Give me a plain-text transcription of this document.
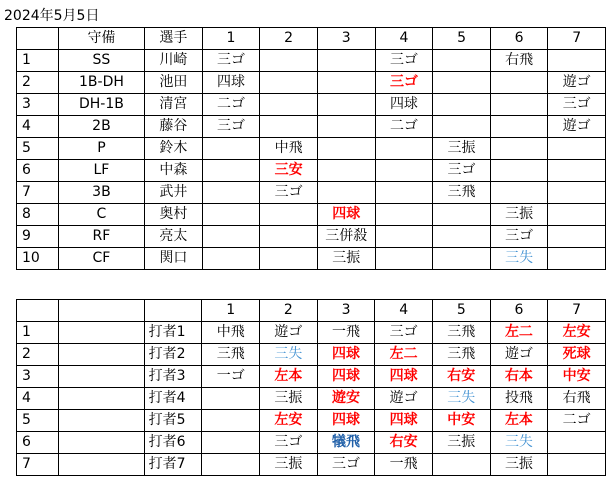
2024年5月5日
	守備	選手	1	2	3	4	5	6	7
1	SS	川崎	三ゴ			三ゴ		右飛	
2	1B-DH	池田	四球			三ゴ			遊ゴ
3	DH-1B	清宮	二ゴ			四球			三ゴ
4	2B	藤谷	三ゴ			二ゴ			遊ゴ
5	P	鈴木		中飛			三振		
6	LF	中森		三安			三ゴ		
7	3B	武井		三ゴ			三飛		
8	C	奥村			四球			三振	
9	RF	亮太			三併殺			三ゴ	
10	CF	関口			三振			三失	
			1	2	3	4	5	6	7
1		打者1	中飛	遊ゴ	一飛	三ゴ	三飛	左二	左安
2		打者2	三飛	三失	四球	左二	三飛	遊ゴ	死球
3		打者3	一ゴ	左本	四球	四球	右安	右本	中安
4		打者4		三振	遊安	遊ゴ	三失	投飛	右飛
5		打者5		左安	四球	四球	中安	左本	二ゴ
6		打者6		三ゴ	犠飛	右安	三振	三失	
7		打者7		三振	三ゴ	一飛		三振	
